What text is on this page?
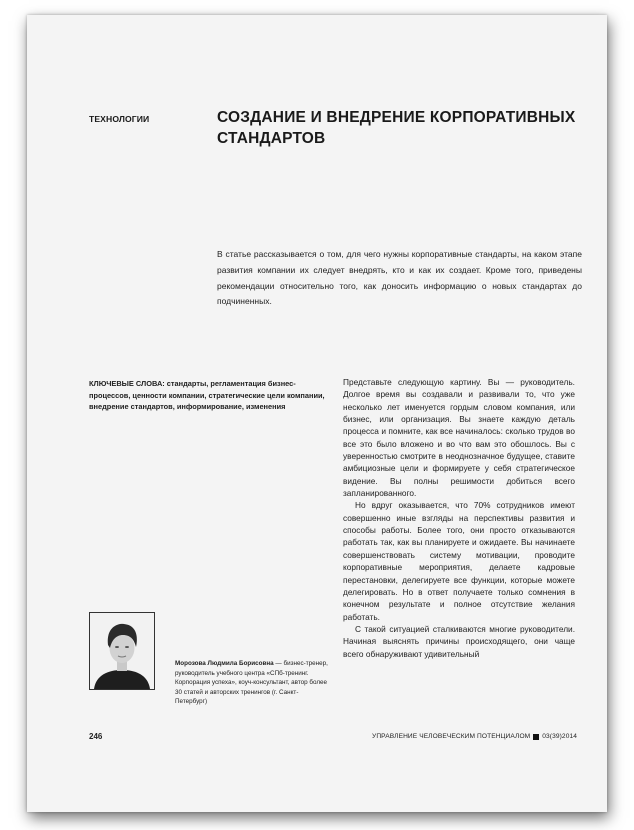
ТЕХНОЛОГИИ	СОЗДАНИЕ И ВНЕДРЕНИЕ КОРПОРАТИВНЫХ
СТАНДАРТОВ

В статье рассказывается о том, для чего нужны корпоративные стандарты, на каком этапе развития компании их следует внедрять, кто и как их создает. Кроме того, приведены рекомендации относительно того, как доносить информацию о новых стандартах до подчиненных.

КЛЮЧЕВЫЕ СЛОВА: стандарты, регламентация бизнес-процессов, ценности компании, стратегические цели компании, внедрение стандартов, информирование, изменения

Представьте следующую картину. Вы — руководитель. Долгое время вы создавали и развивали то, что уже несколько лет именуется гордым словом компания, или бизнес, или организация. Вы знаете каждую деталь процесса и помните, как все начиналось: сколько трудов во все это было вложено и во что вам это обошлось. Вы с уверенностью смотрите в неоднозначное будущее, ставите амбициозные цели и формируете у себя стратегическое видение. Вы полны решимости добиться всего запланированного.

Но вдруг оказывается, что 70% сотрудников имеют совершенно иные взгляды на перспективы развития и способы работы. Более того, они просто отказываются работать так, как вы планируете и ожидаете. Вы начинаете совершенствовать систему мотивации, проводите корпоративные мероприятия, делаете кадровые перестановки, делегируете все функции, которые можете делегировать. Но в ответ получаете только сомнения в конечном результате и полное отсутствие желания работать.

С такой ситуацией сталкиваются многие руководители. Начиная выяснять причины происходящего, они чаще всего обнаруживают удивительный

Морозова Людмила Борисовна — бизнес-тренер, руководитель учебного центра «СПб-тренинг. Корпорация успеха», коуч-консультант, автор более 30 статей и авторских тренингов (г. Санкт-Петербург)

246	УПРАВЛЕНИЕ ЧЕЛОВЕЧЕСКИМ ПОТЕНЦИАЛОМ 03(39)2014
